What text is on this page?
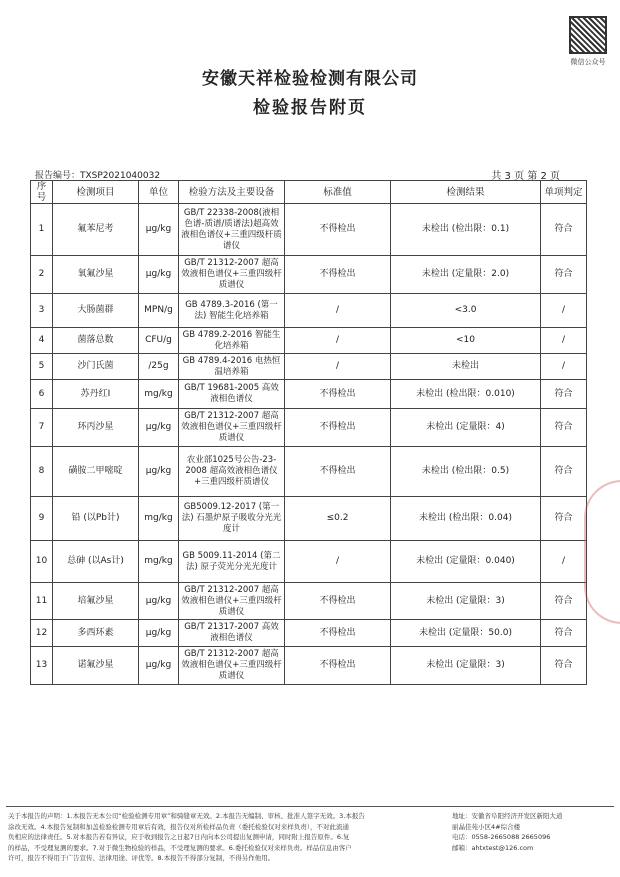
微信公众号
安徽天祥检验检测有限公司
检验报告附页
报告编号：TXSP2021040032	共 3 页 第 2 页
序号	检测项目	单位	检验方法及主要设备	标准值	检测结果	单项判定
1	氟苯尼考	μg/kg	GB/T 22338-2008(液相色谱-质谱/质谱法)超高效液相色谱仪+三重四级杆质谱仪	不得检出	未检出 (检出限：0.1)	符合
2	氧氟沙星	μg/kg	GB/T 21312-2007 超高效液相色谱仪+三重四级杆质谱仪	不得检出	未检出 (定量限：2.0)	符合
3	大肠菌群	MPN/g	GB 4789.3-2016 (第一法) 智能生化培养箱	/	<3.0	/
4	菌落总数	CFU/g	GB 4789.2-2016 智能生化培养箱	/	<10	/
5	沙门氏菌	/25g	GB 4789.4-2016 电热恒温培养箱	/	未检出	/
6	苏丹红Ⅰ	mg/kg	GB/T 19681-2005 高效液相色谱仪	不得检出	未检出 (检出限：0.010)	符合
7	环丙沙星	μg/kg	GB/T 21312-2007 超高效液相色谱仪+三重四级杆质谱仪	不得检出	未检出 (定量限：4)	符合
8	磺胺二甲嘧啶	μg/kg	农业部1025号公告-23-2008 超高效液相色谱仪+三重四级杆质谱仪	不得检出	未检出 (检出限：0.5)	符合
9	铅 (以Pb计)	mg/kg	GB5009.12-2017 (第一法) 石墨炉原子吸收分光光度计	≤0.2	未检出 (检出限：0.04)	符合
10	总砷 (以As计)	mg/kg	GB 5009.11-2014 (第二法) 原子荧光分光光度计	/	未检出 (定量限：0.040)	/
11	培氟沙星	μg/kg	GB/T 21312-2007 超高效液相色谱仪+三重四级杆质谱仪	不得检出	未检出 (定量限：3)	符合
12	多西环素	μg/kg	GB/T 21317-2007 高效液相色谱仪	不得检出	未检出 (定量限：50.0)	符合
13	诺氟沙星	μg/kg	GB/T 21312-2007 超高效液相色谱仪+三重四级杆质谱仪	不得检出	未检出 (定量限：3)	符合
关于本报告的声明：1.本报告无本公司“检验检测专用章”和骑缝章无效。2.本报告无编制、审核、批准人签字无效。3.本报告
涂改无效。4.本报告复制和加盖检验检测专用章后有效，报告仅对所检样品负责（委托检验仅对来样负责），不对此流通
负相应的法律责任。5.对本报告若有异议，应于收到报告之日起7日内向本公司提出复测申请，同时附上报告原件。6.复
的样品，不受理复测的要求。7.对于微生物检验的样品，不受理复测的要求。6.委托检验仅对来样负责。样品信息由客户
许可，报告不得用于广告宣传、法律用途、评优等。8.本报告不得部分复制，不得另作他用。
地址：安徽省阜阳经济开发区新阳大道
丽晶佳苑小区4#综合楼
电话：0558-2665088 2665096
邮箱：ahtxtest@126.com
